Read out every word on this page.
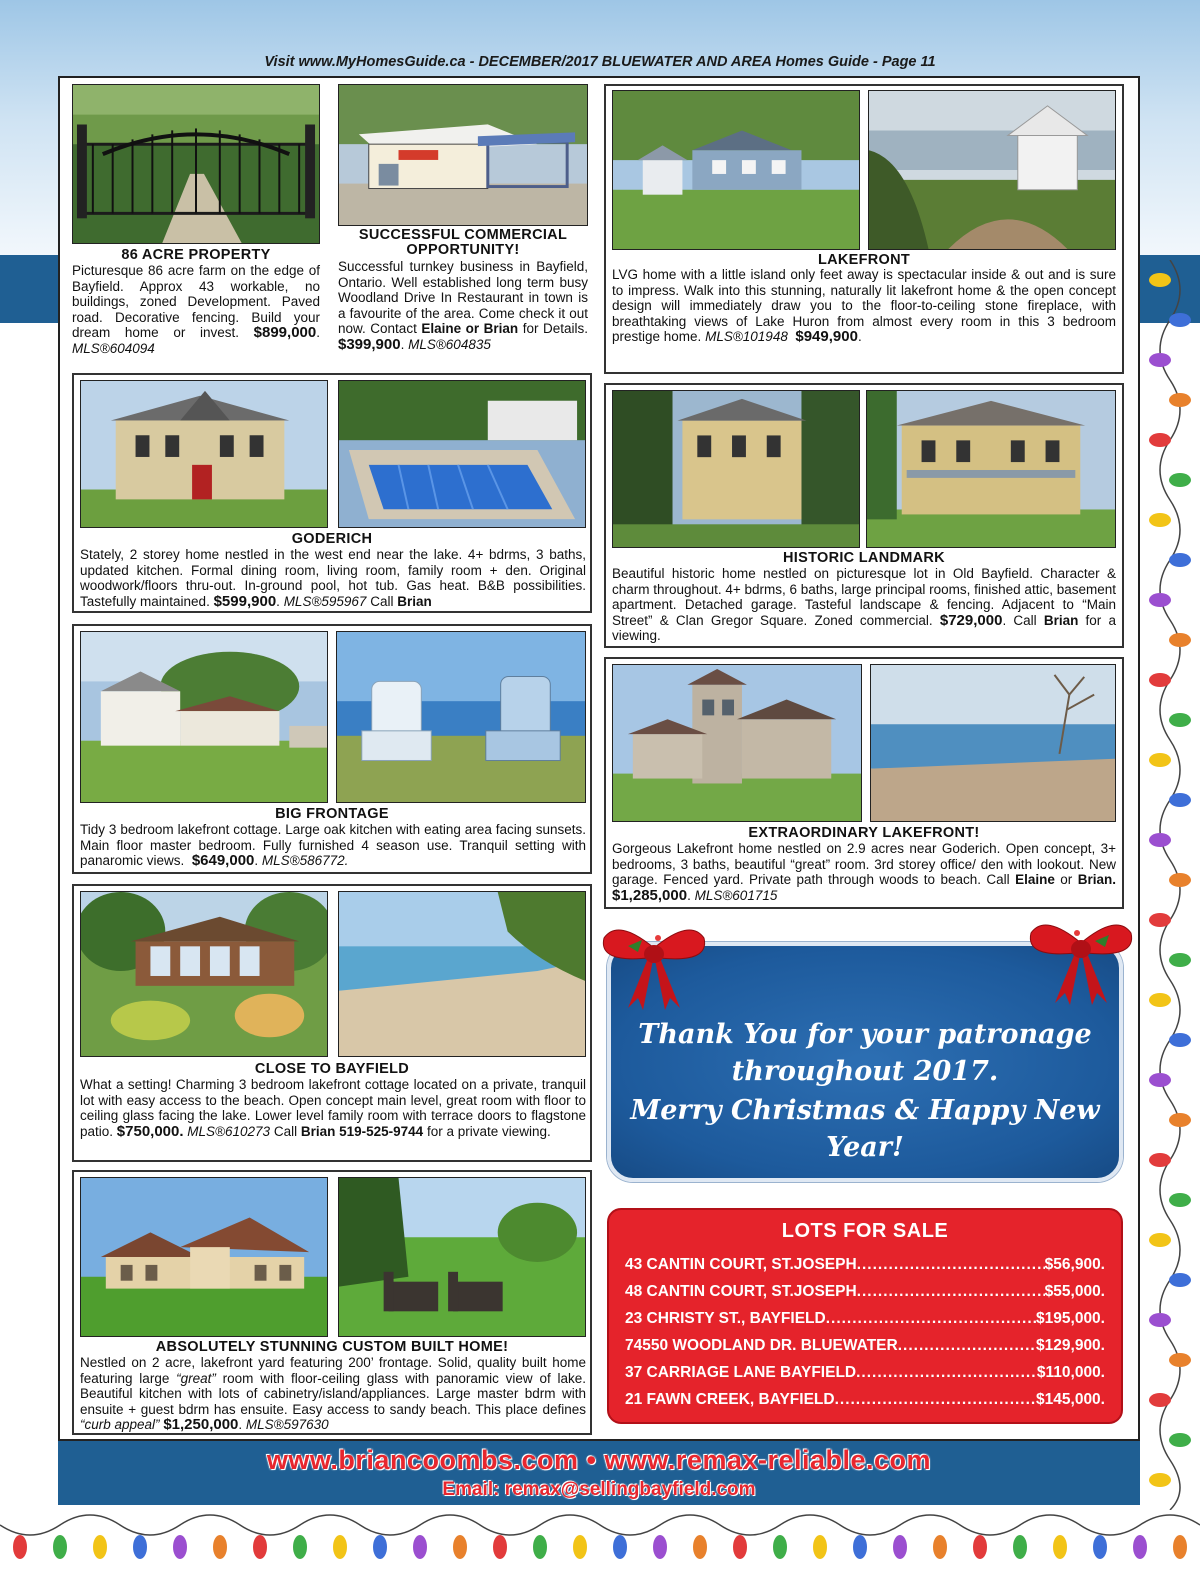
Visit www.MyHomesGuide.ca - DECEMBER/2017 BLUEWATER AND AREA Homes Guide - Page 11
86 ACRE PROPERTY
Picturesque 86 acre farm on the edge of Bayfield. Approx 43 workable, no buildings, zoned Development. Paved road. Decorative fencing. Build your dream home or invest. $899,000. MLS®604094
SUCCESSFUL COMMERCIAL
OPPORTUNITY!
Successful turnkey business in Bayfield, Ontario. Well established long term busy Woodland Drive In Restaurant in town is a favourite of the area. Come check it out now. Contact Elaine or Brian for Details. $399,900. MLS®604835
LAKEFRONT
LVG home with a little island only feet away is spectacular inside & out and is sure to impress. Walk into this stunning, naturally lit lakefront home & the open concept design will immediately draw you to the floor-to-ceiling stone fireplace, with breathtaking views of Lake Huron from almost every room in this 3 bedroom prestige home. MLS®101948 $949,900.
GODERICH
Stately, 2 storey home nestled in the west end near the lake. 4+ bdrms, 3 baths, updated kitchen. Formal dining room, living room, family room + den. Original woodwork/floors thru-out. In-ground pool, hot tub. Gas heat. B&B possibilities. Tastefully maintained. $599,900. MLS®595967 Call Brian
HISTORIC LANDMARK
Beautiful historic home nestled on picturesque lot in Old Bayfield. Character & charm throughout. 4+ bdrms, 6 baths, large principal rooms, finished attic, basement apartment. Detached garage. Tasteful landscape & fencing. Adjacent to “Main Street” & Clan Gregor Square. Zoned commercial. $729,000. Call Brian for a viewing.
BIG FRONTAGE
Tidy 3 bedroom lakefront cottage. Large oak kitchen with eating area facing sunsets. Main floor master bedroom. Fully furnished 4 season use. Tranquil setting with panaromic views. $649,000. MLS®586772.
EXTRAORDINARY LAKEFRONT!
Gorgeous Lakefront home nestled on 2.9 acres near Goderich. Open concept, 3+ bedrooms, 3 baths, beautiful “great” room. 3rd storey office/ den with lookout. New garage. Fenced yard. Private path through woods to beach. Call Elaine or Brian. $1,285,000. MLS®601715
CLOSE TO BAYFIELD
What a setting! Charming 3 bedroom lakefront cottage located on a private, tranquil lot with easy access to the beach. Open concept main level, great room with floor to ceiling glass facing the lake. Lower level family room with terrace doors to flagstone patio. $750,000. MLS®610273 Call Brian 519-525-9744 for a private viewing.
ABSOLUTELY STUNNING CUSTOM BUILT HOME!
Nestled on 2 acre, lakefront yard featuring 200’ frontage. Solid, quality built home featuring large “great” room with floor-ceiling glass with panoramic view of lake. Beautiful kitchen with lots of cabinetry/island/appliances. Large master bdrm with ensuite + guest bdrm has ensuite. Easy access to sandy beach. This place defines “curb appeal” $1,250,000. MLS®597630
Thank You for your patronage
throughout 2017.
Merry Christmas & Happy New Year!
LOTS FOR SALE
43 CANTIN COURT, ST.JOSEPH .....	$56,900.
48 CANTIN COURT, ST.JOSEPH .....	$55,000.
23 CHRISTY ST., BAYFIELD .....	$195,000.
74550 WOODLAND DR. BLUEWATER .....	$129,900.
37 CARRIAGE LANE BAYFIELD .....	$110,000.
21 FAWN CREEK, BAYFIELD .....	$145,000.
www.briancoombs.com • www.remax-reliable.com
Email: remax@sellingbayfield.com
